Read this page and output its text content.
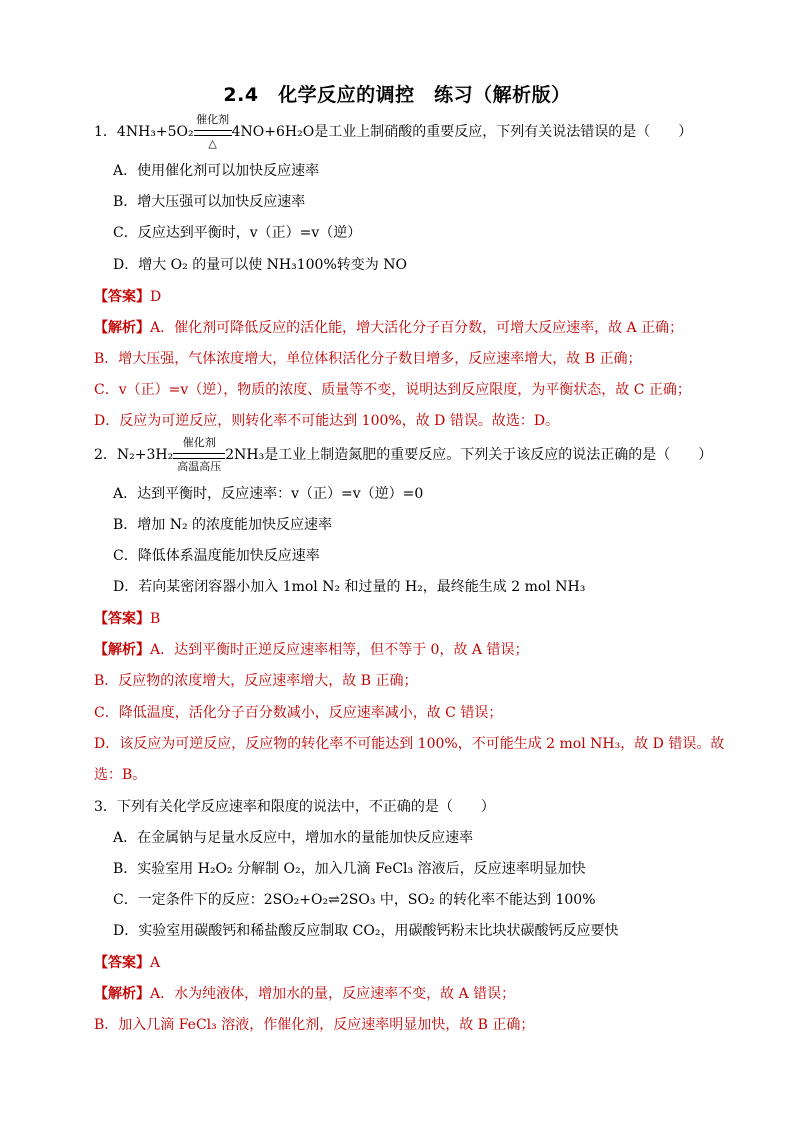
2.4　化学反应的调控　练习（解析版）
1．4NH₃+5O₂
催化剂
△
4NO+6H₂O是工业上制硝酸的重要反应，下列有关说法错误的是（　　）
A．使用催化剂可以加快反应速率
B．增大压强可以加快反应速率
C．反应达到平衡时，v（正）=v（逆）
D．增大 O₂ 的量可以使 NH₃100%转变为 NO
【答案】D
【解析】A．催化剂可降低反应的活化能，增大活化分子百分数，可增大反应速率，故 A 正确；
B．增大压强，气体浓度增大，单位体积活化分子数目增多，反应速率增大，故 B 正确；
C．v（正）=v（逆），物质的浓度、质量等不变，说明达到反应限度，为平衡状态，故 C 正确；
D．反应为可逆反应，则转化率不可能达到 100%，故 D 错误。故选：D。
2．N₂+3H₂
催化剂
高温高压
2NH₃是工业上制造氮肥的重要反应。下列关于该反应的说法正确的是（　　）
A．达到平衡时，反应速率：v（正）=v（逆）=0
B．增加 N₂ 的浓度能加快反应速率
C．降低体系温度能加快反应速率
D．若向某密闭容器小加入 1mol N₂ 和过量的 H₂，最终能生成 2 mol NH₃
【答案】B
【解析】A．达到平衡时正逆反应速率相等，但不等于 0，故 A 错误；
B．反应物的浓度增大，反应速率增大，故 B 正确；
C．降低温度，活化分子百分数减小，反应速率减小，故 C 错误；
D．该反应为可逆反应，反应物的转化率不可能达到 100%，不可能生成 2 mol NH₃，故 D 错误。故
选：B。
3．下列有关化学反应速率和限度的说法中，不正确的是（　　）
A．在金属钠与足量水反应中，增加水的量能加快反应速率
B．实验室用 H₂O₂ 分解制 O₂，加入几滴 FeCl₃ 溶液后，反应速率明显加快
C．一定条件下的反应：2SO₂+O₂⇌2SO₃ 中，SO₂ 的转化率不能达到 100%
D．实验室用碳酸钙和稀盐酸反应制取 CO₂，用碳酸钙粉末比块状碳酸钙反应要快
【答案】A
【解析】A．水为纯液体，增加水的量，反应速率不变，故 A 错误；
B．加入几滴 FeCl₃ 溶液，作催化剂，反应速率明显加快，故 B 正确；
